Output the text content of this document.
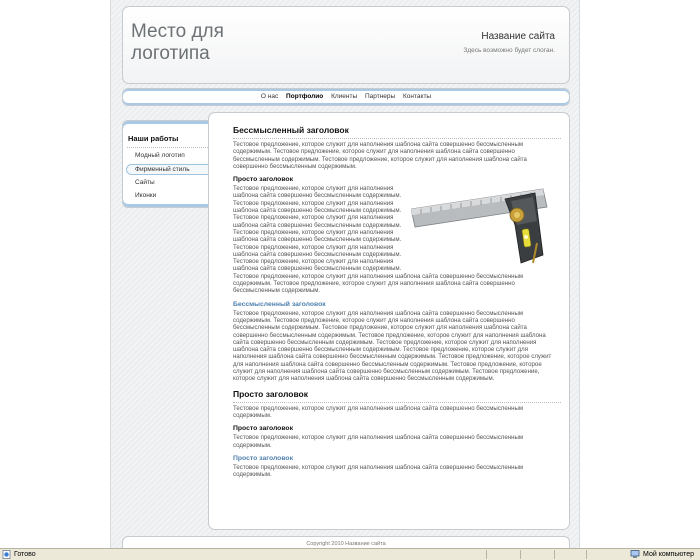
Место для логотипа
Название сайта
Здесь возможно будет слоган.
О нас Портфолио Клиенты Партнеры Контакты
Наши работы
Модный логотип
Фирменный стиль
Сайты
Иконки
Бессмысленный заголовок

Тестовое предложение, которое служит для наполнения шаблона сайта совершенно бессмысленным содержимым. Тестовое предложение, которое служит для наполнения шаблона сайта совершенно бессмысленным содержимым. Тестовое предложение, которое служит для наполнения шаблона сайта совершенно бессмысленным содержимым.

Просто заголовок

Тестовое предложение, которое служит для наполнения шаблона сайта совершенно бессмысленным содержимым. Тестовое предложение, которое служит для наполнения шаблона сайта совершенно бессмысленным содержимым. Тестовое предложение, которое служит для наполнения шаблона сайта совершенно бессмысленным содержимым. Тестовое предложение, которое служит для наполнения шаблона сайта совершенно бессмысленным содержимым. Тестовое предложение, которое служит для наполнения шаблона сайта совершенно бессмысленным содержимым. Тестовое предложение, которое служит для наполнения шаблона сайта совершенно бессмысленным содержимым. Тестовое предложение, которое служит для наполнения шаблона сайта совершенно бессмысленным содержимым. Тестовое предложение, которое служит для наполнения шаблона сайта совершенно бессмысленным содержимым.

Бессмысленный заголовок

Тестовое предложение, которое служит для наполнения шаблона сайта совершенно бессмысленным содержимым. Тестовое предложение, которое служит для наполнения шаблона сайта совершенно бессмысленным содержимым. Тестовое предложение, которое служит для наполнения шаблона сайта совершенно бессмысленным содержимым. Тестовое предложение, которое служит для наполнения шаблона сайта совершенно бессмысленным содержимым. Тестовое предложение, которое служит для наполнения шаблона сайта совершенно бессмысленным содержимым. Тестовое предложение, которое служит для наполнения шаблона сайта совершенно бессмысленным содержимым. Тестовое предложение, которое служит для наполнения шаблона сайта совершенно бессмысленным содержимым. Тестовое предложение, которое служит для наполнения шаблона сайта совершенно бессмысленным содержимым. Тестовое предложение, которое служит для наполнения шаблона сайта совершенно бессмысленным содержимым.

Просто заголовок

Тестовое предложение, которое служит для наполнения шаблона сайта совершенно бессмысленным содержимым.

Просто заголовок

Тестовое предложение, которое служит для наполнения шаблона сайта совершенно бессмысленным содержимым.

Просто заголовок

Тестовое предложение, которое служит для наполнения шаблона сайта совершенно бессмысленным содержимым.

Copyright 2010 Название сайта
Готово	Мой компьютер
